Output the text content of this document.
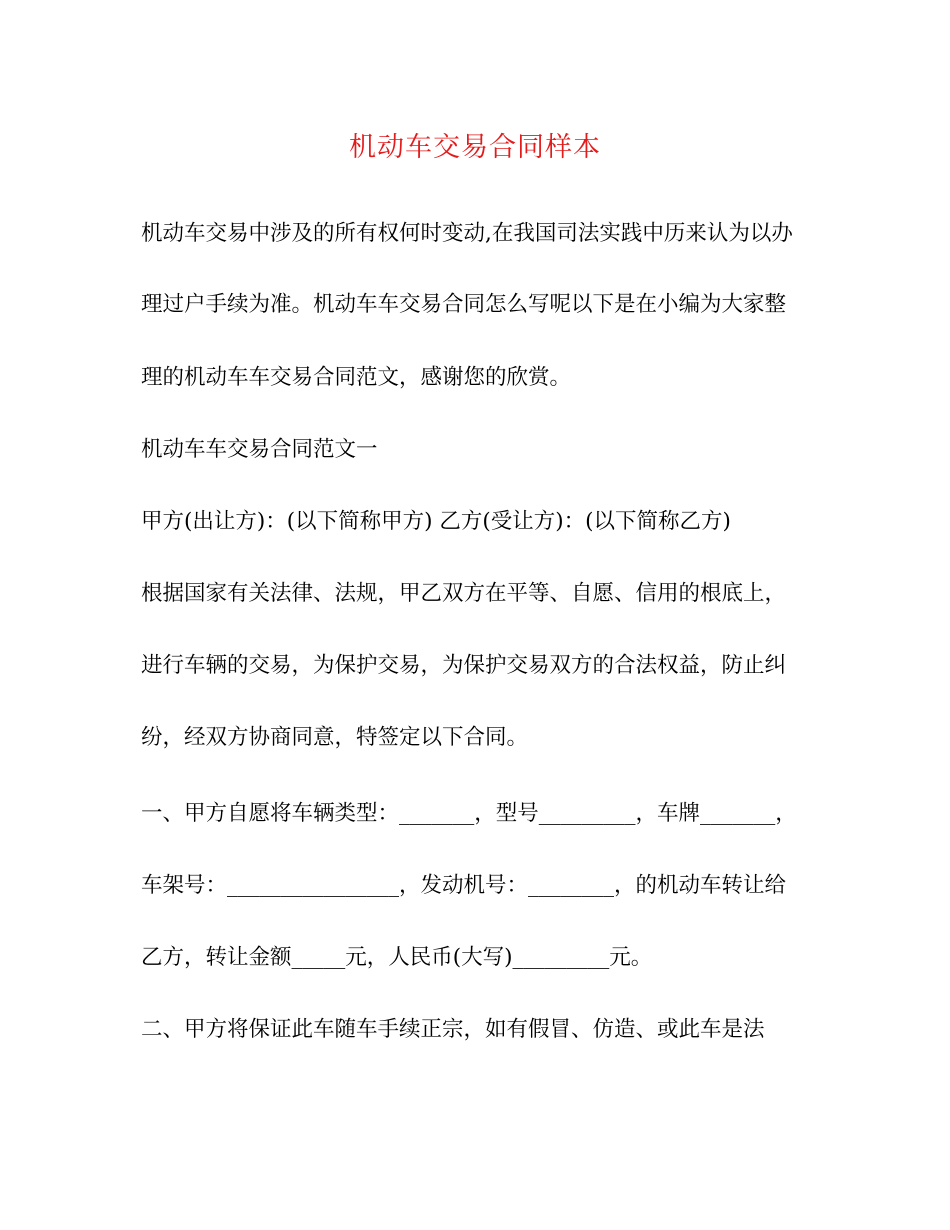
机动车交易合同样本
机动车交易中涉及的所有权何时变动,在我国司法实践中历来认为以办
理过户手续为准。机动车车交易合同怎么写呢以下是在小编为大家整
理的机动车车交易合同范文，感谢您的欣赏。
机动车车交易合同范文一
甲方(出让方)：(以下简称甲方) 乙方(受让方)：(以下简称乙方)
根据国家有关法律、法规，甲乙双方在平等、自愿、信用的根底上，
进行车辆的交易，为保护交易，为保护交易双方的合法权益，防止纠
纷，经双方协商同意，特签定以下合同。
一、甲方自愿将车辆类型：_______，型号_________，车牌_______，
车架号：________________，发动机号：________，的机动车转让给
乙方，转让金额_____元，人民币(大写)_________元。
二、甲方将保证此车随车手续正宗，如有假冒、仿造、或此车是法
